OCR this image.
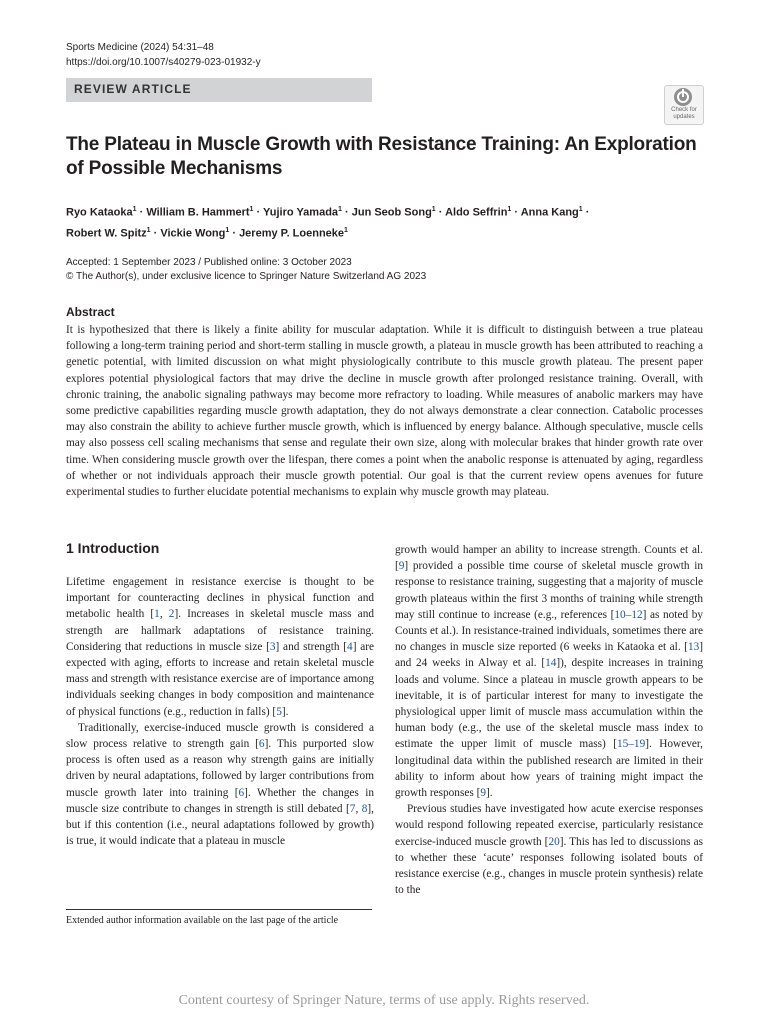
Sports Medicine (2024) 54:31–48
https://doi.org/10.1007/s40279-023-01932-y
REVIEW ARTICLE
Check for
updates
The Plateau in Muscle Growth with Resistance Training: An Exploration
of Possible Mechanisms
Ryo Kataoka$^1$ · William B. Hammert$^1$ · Yujiro Yamada$^1$ · Jun Seob Song$^1$ · Aldo Seffrin$^1$ · Anna Kang$^1$ ·
Robert W. Spitz$^1$ · Vickie Wong$^1$ · Jeremy P. Loenneke$^1$
Accepted: 1 September 2023 / Published online: 3 October 2023
© The Author(s), under exclusive licence to Springer Nature Switzerland AG 2023
Abstract
It is hypothesized that there is likely a finite ability for muscular adaptation. While it is difficult to distinguish between a true plateau following a long-term training period and short-term stalling in muscle growth, a plateau in muscle growth has been attributed to reaching a genetic potential, with limited discussion on what might physiologically contribute to this muscle growth plateau. The present paper explores potential physiological factors that may drive the decline in muscle growth after prolonged resistance training. Overall, with chronic training, the anabolic signaling pathways may become more refractory to loading. While measures of anabolic markers may have some predictive capabilities regarding muscle growth adaptation, they do not always demonstrate a clear connection. Catabolic processes may also constrain the ability to achieve further muscle growth, which is influenced by energy balance. Although speculative, muscle cells may also possess cell scaling mechanisms that sense and regulate their own size, along with molecular brakes that hinder growth rate over time. When considering muscle growth over the lifespan, there comes a point when the anabolic response is attenuated by aging, regardless of whether or not individuals approach their muscle growth potential. Our goal is that the current review opens avenues for future experimental studies to further elucidate potential mechanisms to explain why muscle growth may plateau.
1 Introduction

Lifetime engagement in resistance exercise is thought to be important for counteracting declines in physical function and metabolic health [1, 2]. Increases in skeletal muscle mass and strength are hallmark adaptations of resistance training. Considering that reductions in muscle size [3] and strength [4] are expected with aging, efforts to increase and retain skeletal muscle mass and strength with resistance exercise are of importance among individuals seeking changes in body composition and maintenance of physical functions (e.g., reduction in falls) [5].

Traditionally, exercise-induced muscle growth is considered a slow process relative to strength gain [6]. This purported slow process is often used as a reason why strength gains are initially driven by neural adaptations, followed by larger contributions from muscle growth later into training [6]. Whether the changes in muscle size contribute to changes in strength is still debated [7, 8], but if this contention (i.e., neural adaptations followed by growth) is true, it would indicate that a plateau in muscle

growth would hamper an ability to increase strength. Counts et al. [9] provided a possible time course of skeletal muscle growth in response to resistance training, suggesting that a majority of muscle growth plateaus within the first 3 months of training while strength may still continue to increase (e.g., references [10–12] as noted by Counts et al.). In resistance-trained individuals, sometimes there are no changes in muscle size reported (6 weeks in Kataoka et al. [13] and 24 weeks in Alway et al. [14]), despite increases in training loads and volume. Since a plateau in muscle growth appears to be inevitable, it is of particular interest for many to investigate the physiological upper limit of muscle mass accumulation within the human body (e.g., the use of the skeletal muscle mass index to estimate the upper limit of muscle mass) [15–19]. However, longitudinal data within the published research are limited in their ability to inform about how years of training might impact the growth responses [9].

Previous studies have investigated how acute exercise responses would respond following repeated exercise, particularly resistance exercise-induced muscle growth [20]. This has led to discussions as to whether these ‘acute’ responses following isolated bouts of resistance exercise (e.g., changes in muscle protein synthesis) relate to the

Extended author information available on the last page of the article
Content courtesy of Springer Nature, terms of use apply. Rights reserved.
